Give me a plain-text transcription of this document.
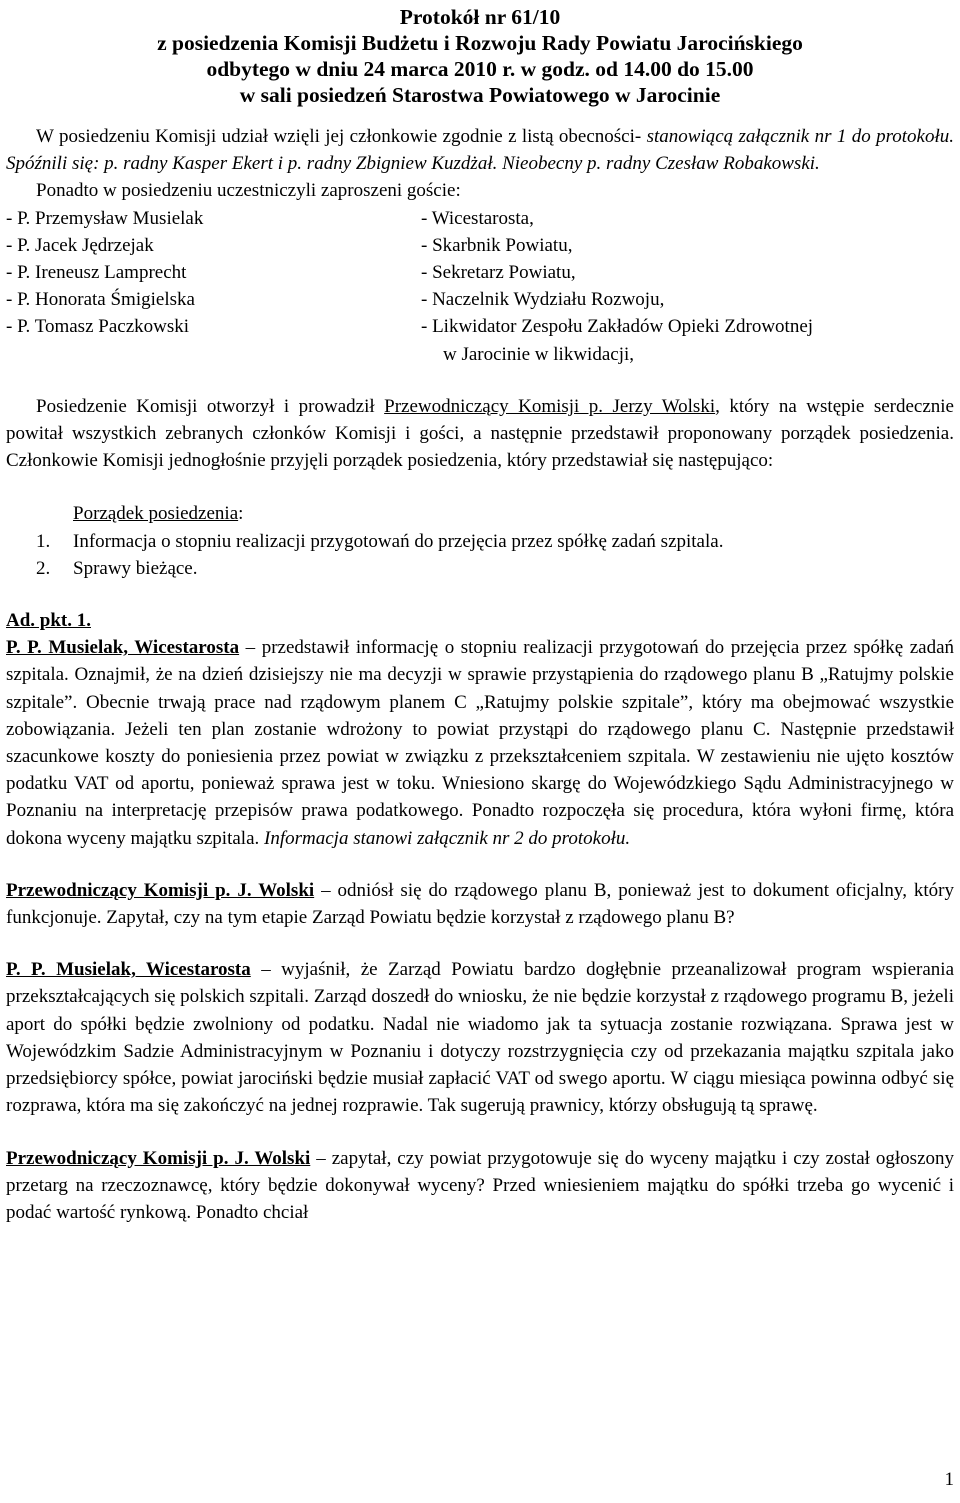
Protokół nr 61/10
z posiedzenia Komisji Budżetu i Rozwoju Rady Powiatu Jarocińskiego
odbytego w dniu 24 marca 2010 r. w godz. od 14.00 do 15.00
w sali posiedzeń Starostwa Powiatowego w Jarocinie

W posiedzeniu Komisji udział wzięli jej członkowie zgodnie z listą obecności- stanowiącą załącznik nr 1 do protokołu. Spóźnili się: p. radny Kasper Ekert i p. radny Zbigniew Kuzdżał. Nieobecny p. radny Czesław Robakowski.

Ponadto w posiedzeniu uczestniczyli zaproszeni goście:

- P. Przemysław Musielak	- Wicestarosta,
- P. Jacek Jędrzejak	- Skarbnik Powiatu,
- P. Ireneusz Lamprecht	- Sekretarz Powiatu,
- P. Honorata Śmigielska	- Naczelnik Wydziału Rozwoju,
- P. Tomasz Paczkowski	- Likwidator Zespołu Zakładów Opieki Zdrowotnej
w Jarocinie w likwidacji,

Posiedzenie Komisji otworzył i prowadził Przewodniczący Komisji p. Jerzy Wolski, który na wstępie serdecznie powitał wszystkich zebranych członków Komisji i gości, a następnie przedstawił proponowany porządek posiedzenia. Członkowie Komisji jednogłośnie przyjęli porządek posiedzenia, który przedstawiał się następująco:

Porządek posiedzenia:
1.	Informacja o stopniu realizacji przygotowań do przejęcia przez spółkę zadań szpitala.
2.	Sprawy bieżące.

Ad. pkt. 1.

P. P. Musielak, Wicestarosta – przedstawił informację o stopniu realizacji przygotowań do przejęcia przez spółkę zadań szpitala. Oznajmił, że na dzień dzisiejszy nie ma decyzji w sprawie przystąpienia do rządowego planu B „Ratujmy polskie szpitale”. Obecnie trwają prace nad rządowym planem C „Ratujmy polskie szpitale”, który ma obejmować wszystkie zobowiązania. Jeżeli ten plan zostanie wdrożony to powiat przystąpi do rządowego planu C. Następnie przedstawił szacunkowe koszty do poniesienia przez powiat w związku z przekształceniem szpitala. W zestawieniu nie ujęto kosztów podatku VAT od aportu, ponieważ sprawa jest w toku. Wniesiono skargę do Wojewódzkiego Sądu Administracyjnego w Poznaniu na interpretację przepisów prawa podatkowego. Ponadto rozpoczęła się procedura, która wyłoni firmę, która dokona wyceny majątku szpitala. Informacja stanowi załącznik nr 2 do protokołu.

Przewodniczący Komisji p. J. Wolski – odniósł się do rządowego planu B, ponieważ jest to dokument oficjalny, który funkcjonuje. Zapytał, czy na tym etapie Zarząd Powiatu będzie korzystał z rządowego planu B?

P. P. Musielak, Wicestarosta – wyjaśnił, że Zarząd Powiatu bardzo dogłębnie przeanalizował program wspierania przekształcających się polskich szpitali. Zarząd doszedł do wniosku, że nie będzie korzystał z rządowego programu B, jeżeli aport do spółki będzie zwolniony od podatku. Nadal nie wiadomo jak ta sytuacja zostanie rozwiązana. Sprawa jest w Wojewódzkim Sadzie Administracyjnym w Poznaniu i dotyczy rozstrzygnięcia czy od przekazania majątku szpitala jako przedsiębiorcy spółce, powiat jarociński będzie musiał zapłacić VAT od swego aportu. W ciągu miesiąca powinna odbyć się rozprawa, która ma się zakończyć na jednej rozprawie. Tak sugerują prawnicy, którzy obsługują tą sprawę.

Przewodniczący Komisji p. J. Wolski – zapytał, czy powiat przygotowuje się do wyceny majątku i czy został ogłoszony przetarg na rzeczoznawcę, który będzie dokonywał wyceny? Przed wniesieniem majątku do spółki trzeba go wycenić i podać wartość rynkową. Ponadto chciał

1
